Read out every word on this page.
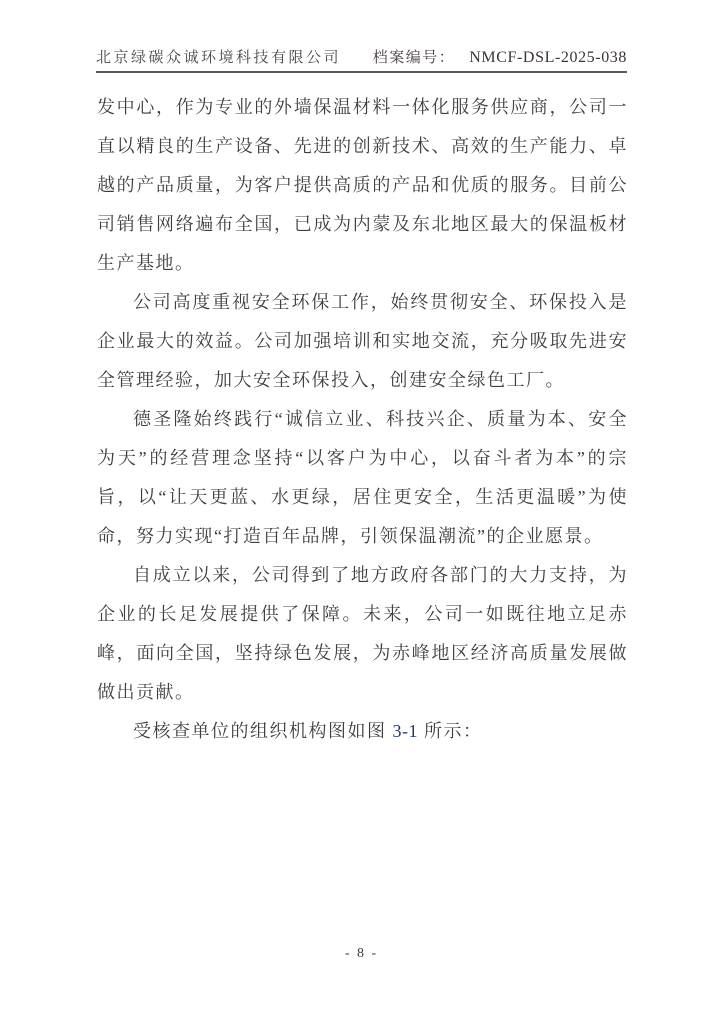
北京绿碳众诚环境科技有限公司 档案编号： NMCF-DSL-2025-038

发中心，作为专业的外墙保温材料一体化服务供应商，公司一直以精良的生产设备、先进的创新技术、高效的生产能力、卓越的产品质量，为客户提供高质的产品和优质的服务。目前公司销售网络遍布全国，已成为内蒙及东北地区最大的保温板材生产基地。

公司高度重视安全环保工作，始终贯彻安全、环保投入是企业最大的效益。公司加强培训和实地交流，充分吸取先进安全管理经验，加大安全环保投入，创建安全绿色工厂。

德圣隆始终践行“诚信立业、科技兴企、质量为本、安全为天”的经营理念坚持“以客户为中心，以奋斗者为本”的宗旨，以“让天更蓝、水更绿，居住更安全，生活更温暖”为使命，努力实现“打造百年品牌，引领保温潮流”的企业愿景。

自成立以来，公司得到了地方政府各部门的大力支持，为企业的长足发展提供了保障。未来，公司一如既往地立足赤峰，面向全国，坚持绿色发展，为赤峰地区经济高质量发展做做出贡献。

受核查单位的组织机构图如图 3-1 所示：

- 8 -
